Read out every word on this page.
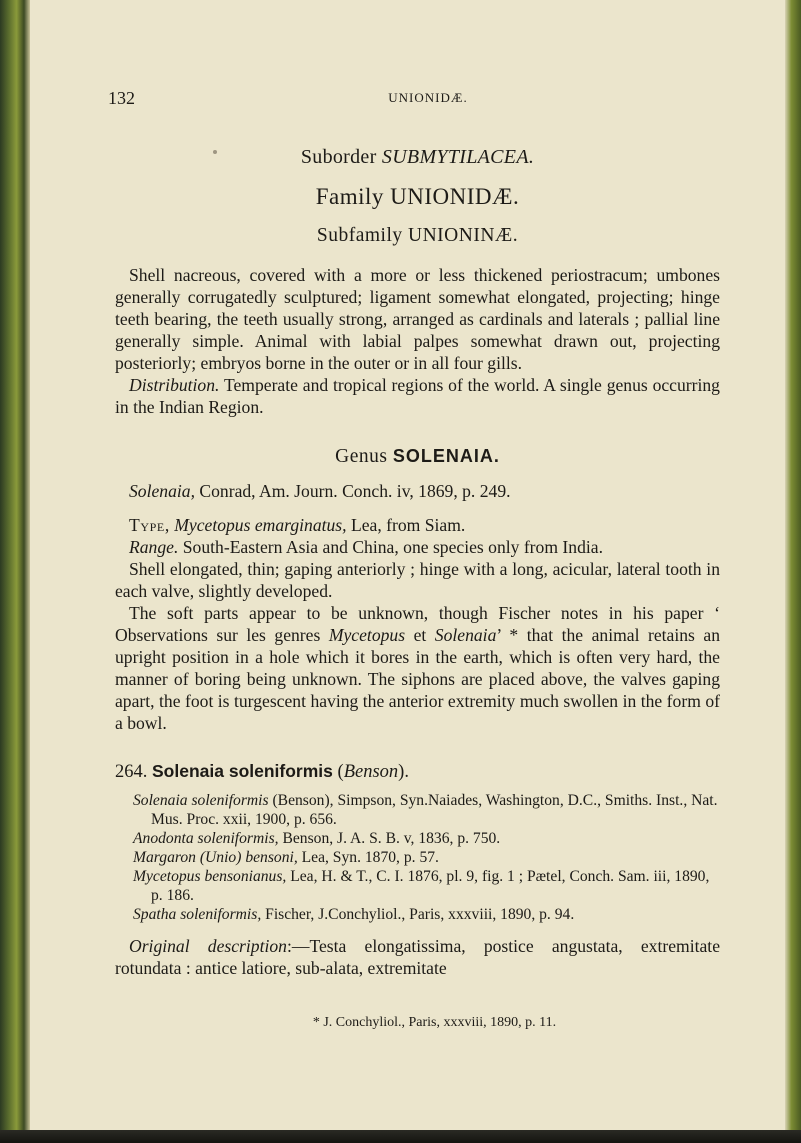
132	UNIONIDÆ.
Suborder SUBMYTILACEA.
Family UNIONIDÆ.
Subfamily UNIONINÆ.

Shell nacreous, covered with a more or less thickened periostracum; umbones generally corrugatedly sculptured; ligament somewhat elongated, projecting; hinge teeth bearing, the teeth usually strong, arranged as cardinals and laterals ; pallial line generally simple. Animal with labial palpes somewhat drawn out, projecting posteriorly; embryos borne in the outer or in all four gills.

Distribution. Temperate and tropical regions of the world. A single genus occurring in the Indian Region.

Genus SOLENAIA.

Solenaia, Conrad, Am. Journ. Conch. iv, 1869, p. 249.

Type, Mycetopus emarginatus, Lea, from Siam.

Range. South-Eastern Asia and China, one species only from India.

Shell elongated, thin; gaping anteriorly ; hinge with a long, acicular, lateral tooth in each valve, slightly developed.

The soft parts appear to be unknown, though Fischer notes in his paper ‘ Observations sur les genres Mycetopus et Solenaia’ * that the animal retains an upright position in a hole which it bores in the earth, which is often very hard, the manner of boring being unknown. The siphons are placed above, the valves gaping apart, the foot is turgescent having the anterior extremity much swollen in the form of a bowl.

264. Solenaia soleniformis (Benson).
Solenaia soleniformis (Benson), Simpson, Syn.Naiades, Washington, D.C., Smiths. Inst., Nat. Mus. Proc. xxii, 1900, p. 656.
Anodonta soleniformis, Benson, J. A. S. B. v, 1836, p. 750.
Margaron (Unio) bensoni, Lea, Syn. 1870, p. 57.
Mycetopus bensonianus, Lea, H. & T., C. I. 1876, pl. 9, fig. 1 ; Pætel, Conch. Sam. iii, 1890, p. 186.
Spatha soleniformis, Fischer, J.Conchyliol., Paris, xxxviii, 1890, p. 94.

Original description:—Testa elongatissima, postice angustata, extremitate rotundata : antice latiore, sub-alata, extremitate

* J. Conchyliol., Paris, xxxviii, 1890, p. 11.
